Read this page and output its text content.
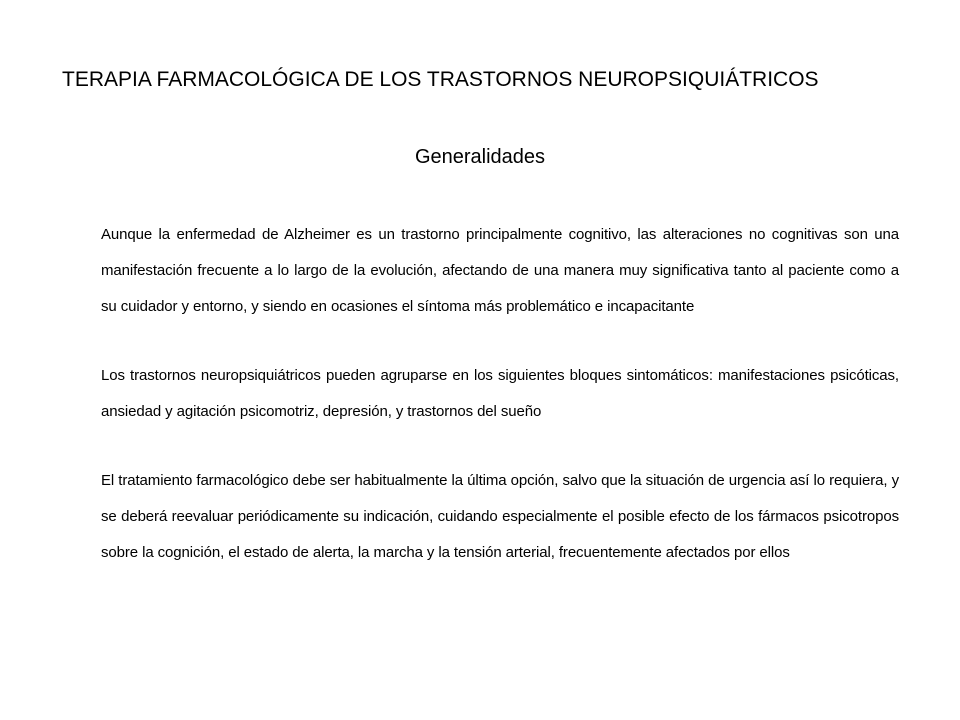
TERAPIA FARMACOLÓGICA DE LOS TRASTORNOS NEUROPSIQUIÁTRICOS
Generalidades

Aunque la enfermedad de Alzheimer es un trastorno principalmente cognitivo, las alteraciones no cognitivas son una manifestación frecuente a lo largo de la evolución, afectando de una manera muy significativa tanto al paciente como a su cuidador y entorno, y siendo en ocasiones el síntoma más problemático e incapacitante

Los trastornos neuropsiquiátricos pueden agruparse en los siguientes bloques sintomáticos: manifestaciones psicóticas, ansiedad y agitación psicomotriz, depresión, y trastornos del sueño

El tratamiento farmacológico debe ser habitualmente la última opción, salvo que la situación de urgencia así lo requiera, y se deberá reevaluar periódicamente su indicación, cuidando especialmente el posible efecto de los fármacos psicotropos sobre la cognición, el estado de alerta, la marcha y la tensión arterial, frecuentemente afectados por ellos
